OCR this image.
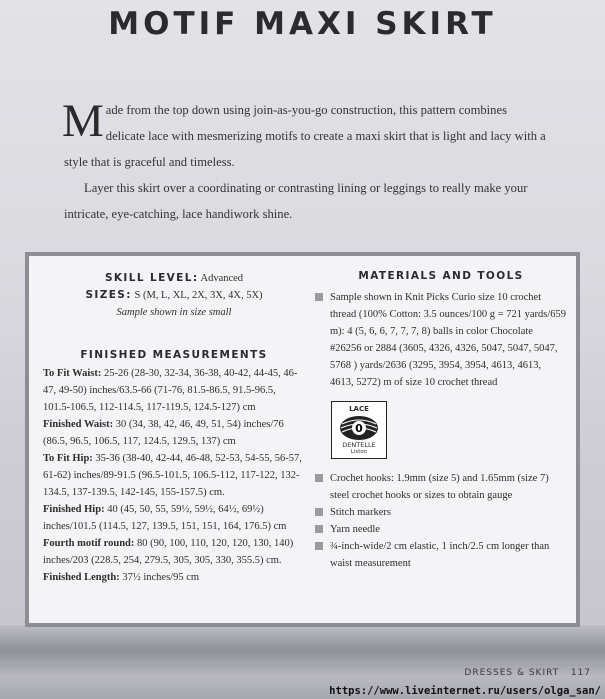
MOTIF MAXI SKIRT

Made from the top down using join-as-you-go construction, this pattern combines delicate lace with mesmerizing motifs to create a maxi skirt that is light and lacy with a style that is graceful and timeless.

Layer this skirt over a coordinating or contrasting lining or leggings to really make your intricate, eye-catching, lace handiwork shine.

SKILL LEVEL: Advanced
SIZES: S (M, L, XL, 2X, 3X, 4X, 5X)
Sample shown in size small
FINISHED MEASUREMENTS

To Fit Waist: 25-26 (28-30, 32-34, 36-38, 40-42, 44-45, 46-47, 49-50) inches/63.5-66 (71-76, 81.5-86.5, 91.5-96.5, 101.5-106.5, 112-114.5, 117-119.5, 124.5-127) cm

Finished Waist: 30 (34, 38, 42, 46, 49, 51, 54) inches/76 (86.5, 96.5, 106.5, 117, 124.5, 129.5, 137) cm

To Fit Hip: 35-36 (38-40, 42-44, 46-48, 52-53, 54-55, 56-57, 61-62) inches/89-91.5 (96.5-101.5, 106.5-112, 117-122, 132-134.5, 137-139.5, 142-145, 155-157.5) cm.

Finished Hip: 40 (45, 50, 55, 59½, 59½, 64½, 69½) inches/101.5 (114.5, 127, 139.5, 151, 151, 164, 176.5) cm

Fourth motif round: 80 (90, 100, 110, 120, 120, 130, 140) inches/203 (228.5, 254, 279.5, 305, 305, 330, 355.5) cm.

Finished Length: 37½ inches/95 cm

MATERIALS AND TOOLS

Sample shown in Knit Picks Curio size 10 crochet thread (100% Cotton: 3.5 ounces/100 g = 721 yards/659 m): 4 (5, 6, 6, 7, 7, 7, 8) balls in color Chocolate #26256 or 2884 (3605, 4326, 4326, 5047, 5047, 5047, 5768 ) yards/2636 (3295, 3954, 3954, 4613, 4613, 4613, 5272) m of size 10 crochet thread

LACE
0
DENTELLE
Liston

Crochet hooks: 1.9mm (size 5) and 1.65mm (size 7) steel crochet hooks or sizes to obtain gauge

Stitch markers

Yarn needle

¾-inch-wide/2 cm elastic, 1 inch/2.5 cm longer than waist measurement

DRESSES & SKIRT 117
https://www.liveinternet.ru/users/olga_san/
